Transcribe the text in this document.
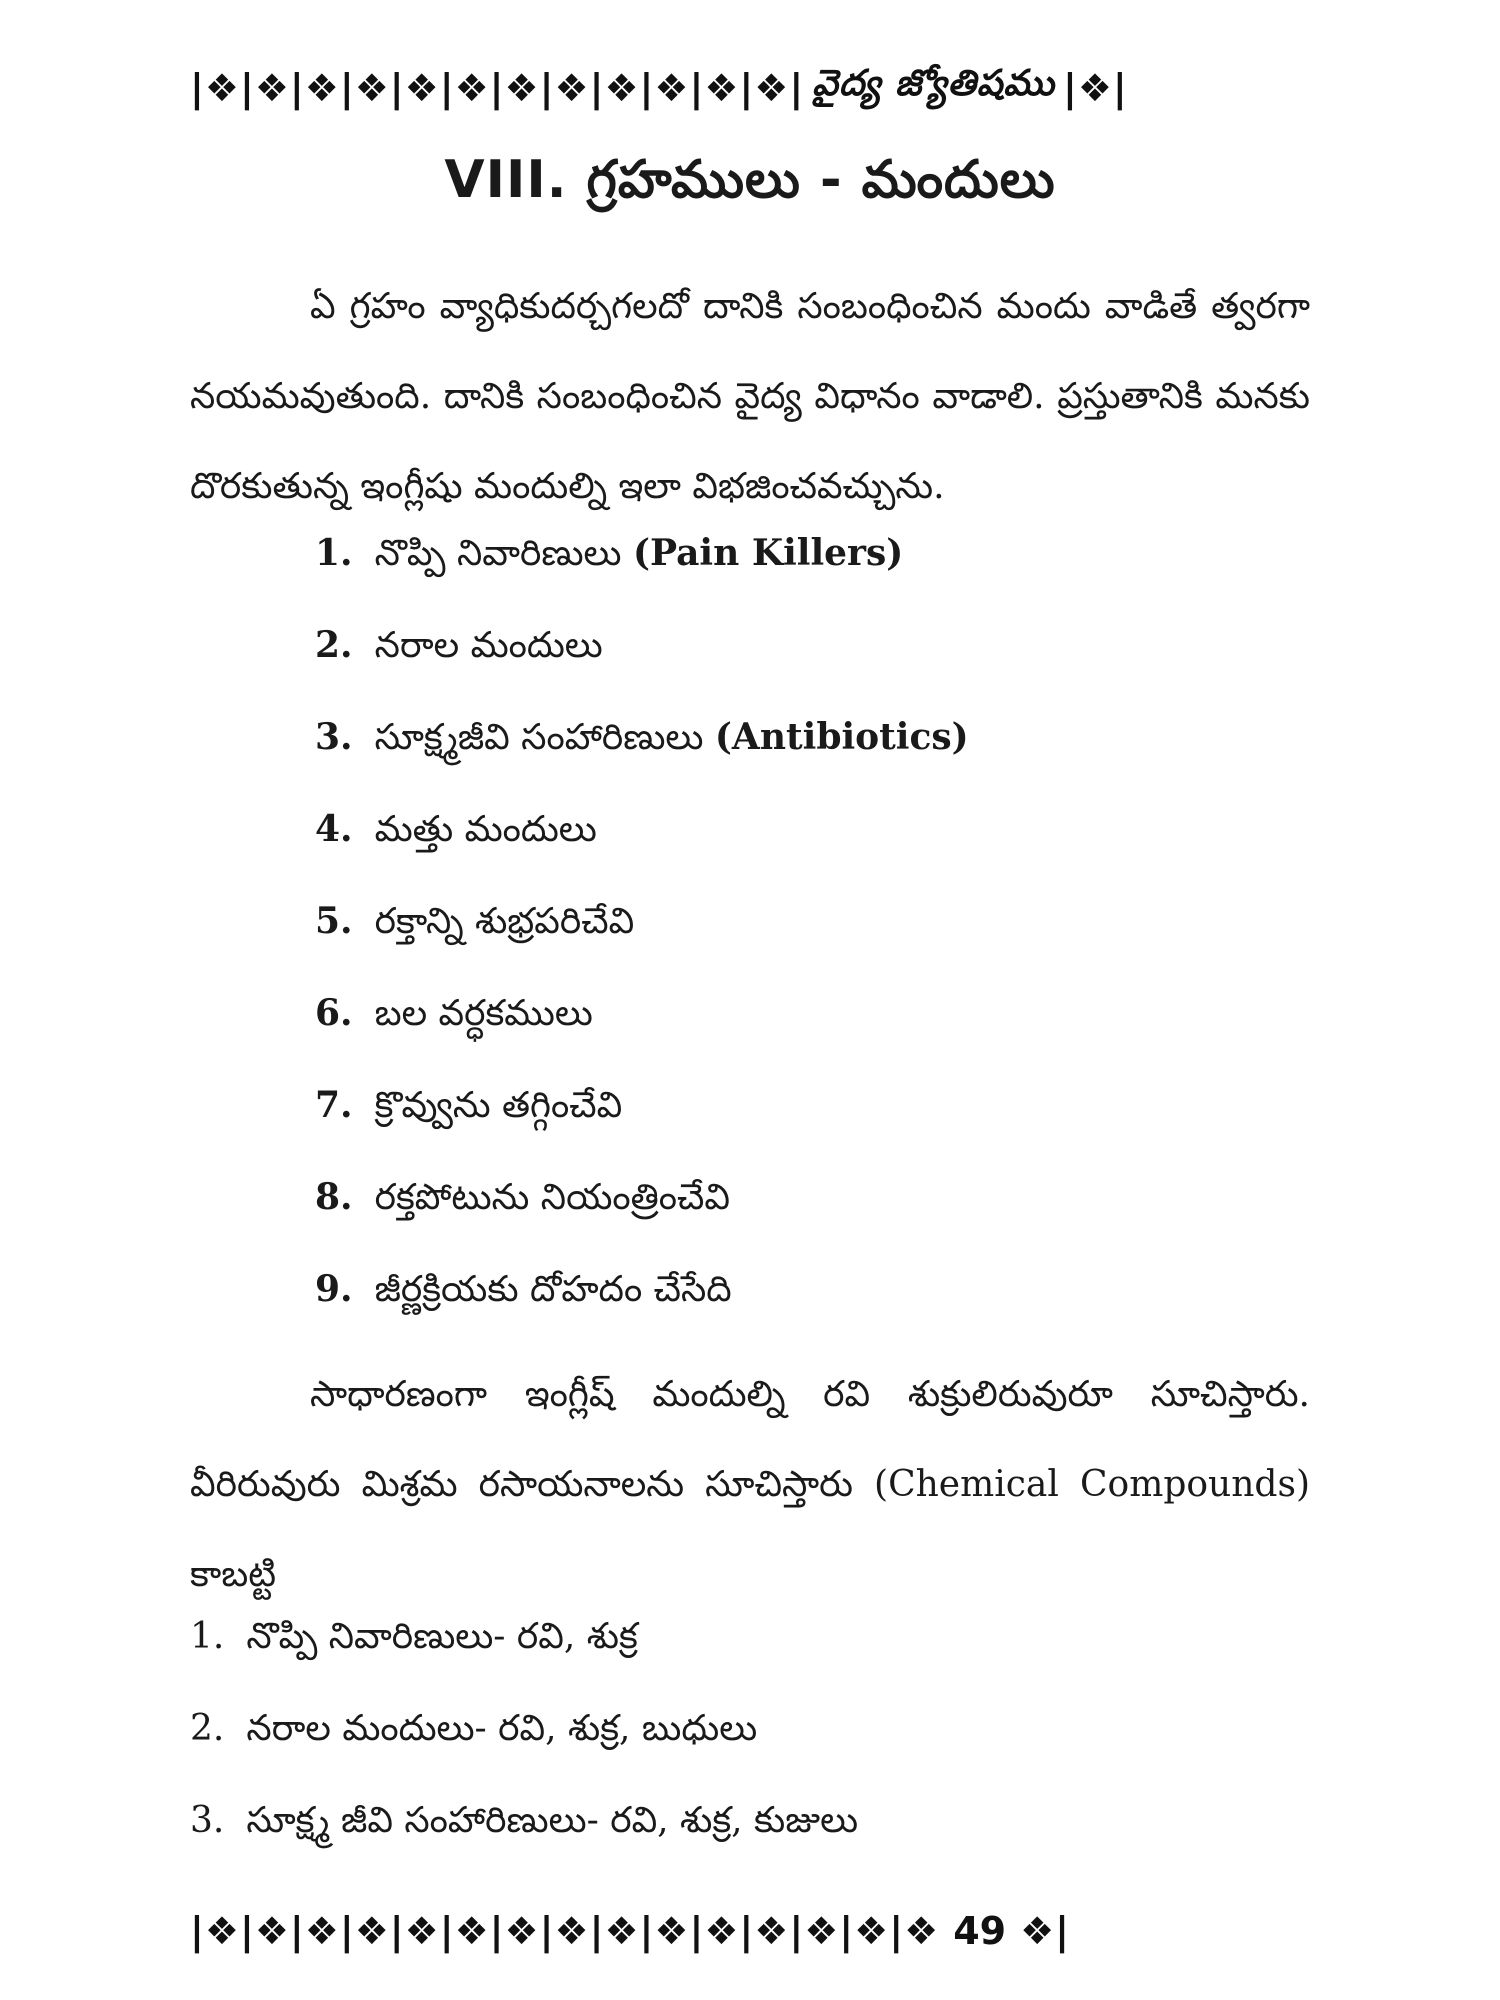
|❖|❖|❖|❖|❖|❖|❖|❖|❖|❖|❖|❖| వైద్య జ్యోతిషము |❖|
VIII. గ్రహములు - మందులు
ఏ గ్రహం వ్యాధికుదర్చగలదో దానికి సంబంధించిన మందు వాడితే త్వరగా నయమవుతుంది. దానికి సంబంధించిన వైద్య విధానం వాడాలి. ప్రస్తుతానికి మనకు దొరకుతున్న ఇంగ్లీషు మందుల్ని ఇలా విభజించవచ్చును.
1. నొప్పి నివారిణులు (Pain Killers)
2. నరాల మందులు
3. సూక్ష్మజీవి సంహారిణులు (Antibiotics)
4. మత్తు మందులు
5. రక్తాన్ని శుభ్రపరిచేవి
6. బల వర్ధకములు
7. క్రొవ్వును తగ్గించేవి
8. రక్తపోటును నియంత్రించేవి
9. జీర్ణక్రియకు దోహదం చేసేది
సాధారణంగా ఇంగ్లీష్ మందుల్ని రవి శుక్రులిరువురూ సూచిస్తారు. వీరిరువురు మిశ్రమ రసాయనాలను సూచిస్తారు (Chemical Compounds) కాబట్టి
1. నొప్పి నివారిణులు- రవి, శుక్ర
2. నరాల మందులు- రవి, శుక్ర, బుధులు
3. సూక్ష్మ జీవి సంహారిణులు- రవి, శుక్ర, కుజులు
|❖|❖|❖|❖|❖|❖|❖|❖|❖|❖|❖|❖|❖|❖|❖ 49 ❖|
